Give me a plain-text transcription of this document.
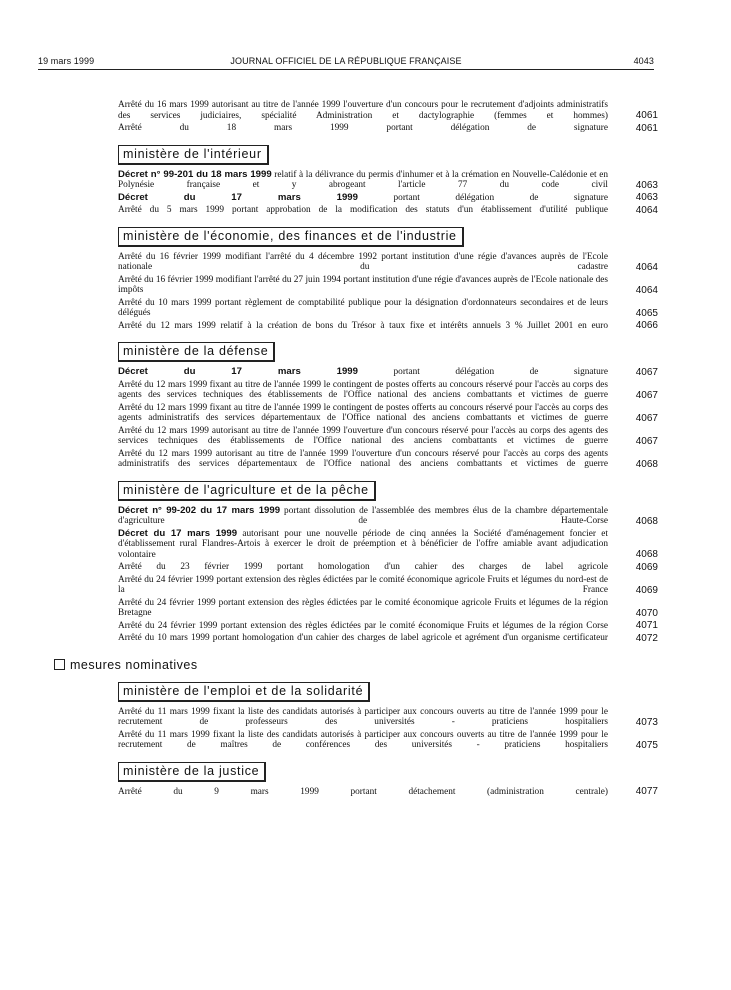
19 mars 1999	JOURNAL OFFICIEL DE LA RÉPUBLIQUE FRANÇAISE	4043
Arrêté du 16 mars 1999 autorisant au titre de l'année 1999 l'ouverture d'un concours pour le recrutement d'adjoints administratifs des services judiciaires, spécialité Administration et dactylographie (femmes et hommes) .....	4061
Arrêté du 18 mars 1999 portant délégation de signature .....	4061
ministère de l'intérieur
Décret n° 99-201 du 18 mars 1999 relatif à la délivrance du permis d'inhumer et à la crémation en Nouvelle-Calédonie et en Polynésie française et y abrogeant l'article 77 du code civil .....	4063
Décret du 17 mars 1999	portant délégation de signature .....	4063
Arrêté du 5 mars 1999 portant approbation de la modification des statuts d'un établissement d'utilité publique .....	4064
ministère de l'économie, des finances et de l'industrie
Arrêté du 16 février 1999 modifiant l'arrêté du 4 décembre 1992 portant institution d'une régie d'avances auprès de l'Ecole nationale du cadastre .....	4064
Arrêté du 16 février 1999 modifiant l'arrêté du 27 juin 1994 portant institution d'une régie d'avances auprès de l'Ecole nationale des impôts .....	4064
Arrêté du 10 mars 1999 portant règlement de comptabilité publique pour la désignation d'ordonnateurs secondaires et de leurs délégués .....	4065
Arrêté du 12 mars 1999 relatif à la création de bons du Trésor à taux fixe et intérêts annuels 3 % Juillet 2001 en euro .....	4066
ministère de la défense
Décret du 17 mars 1999	portant délégation de signature .....	4067
Arrêté du 12 mars 1999 fixant au titre de l'année 1999 le contingent de postes offerts au concours réservé pour l'accès au corps des agents des services techniques des établissements de l'Office national des anciens combattants et victimes de guerre .....	4067
Arrêté du 12 mars 1999 fixant au titre de l'année 1999 le contingent de postes offerts au concours réservé pour l'accès au corps des agents administratifs des services départementaux de l'Office national des anciens combattants et victimes de guerre .....	4067
Arrêté du 12 mars 1999 autorisant au titre de l'année 1999 l'ouverture d'un concours réservé pour l'accès au corps des agents des services techniques des établissements de l'Office national des anciens combattants et victimes de guerre .....	4067
Arrêté du 12 mars 1999 autorisant au titre de l'année 1999 l'ouverture d'un concours réservé pour l'accès au corps des agents administratifs des services départementaux de l'Office national des anciens combattants et victimes de guerre .....	4068
ministère de l'agriculture et de la pêche
Décret n° 99-202 du 17 mars 1999 portant dissolution de l'assemblée des membres élus de la chambre départementale d'agriculture de Haute-Corse .....	4068
Décret du 17 mars 1999 autorisant pour une nouvelle période de cinq années la Société d'aménagement foncier et d'établissement rural Flandres-Artois à exercer le droit de préemption et à bénéficier de l'offre amiable avant adjudication volontaire .....	4068
Arrêté du 23 février 1999 portant homologation d'un cahier des charges de label agricole .....	4069
Arrêté du 24 février 1999 portant extension des règles édictées par le comité économique agricole Fruits et légumes du nord-est de la France .....	4069
Arrêté du 24 février 1999 portant extension des règles édictées par le comité économique agricole Fruits et légumes de la région Bretagne .....	4070
Arrêté du 24 février 1999 portant extension des règles édictées par le comité économique Fruits et légumes de la région Corse .....	4071
Arrêté du 10 mars 1999 portant homologation d'un cahier des charges de label agricole et agrément d'un organisme certificateur .....	4072
mesures nominatives
ministère de l'emploi et de la solidarité
Arrêté du 11 mars 1999 fixant la liste des candidats autorisés à participer aux concours ouverts au titre de l'année 1999 pour le recrutement de professeurs des universités - praticiens hospitaliers .....	4073
Arrêté du 11 mars 1999 fixant la liste des candidats autorisés à participer aux concours ouverts au titre de l'année 1999 pour le recrutement de maîtres de conférences des universités - praticiens hospitaliers .....	4075
ministère de la justice
Arrêté du 9 mars 1999 portant détachement (administration centrale) .....	4077
